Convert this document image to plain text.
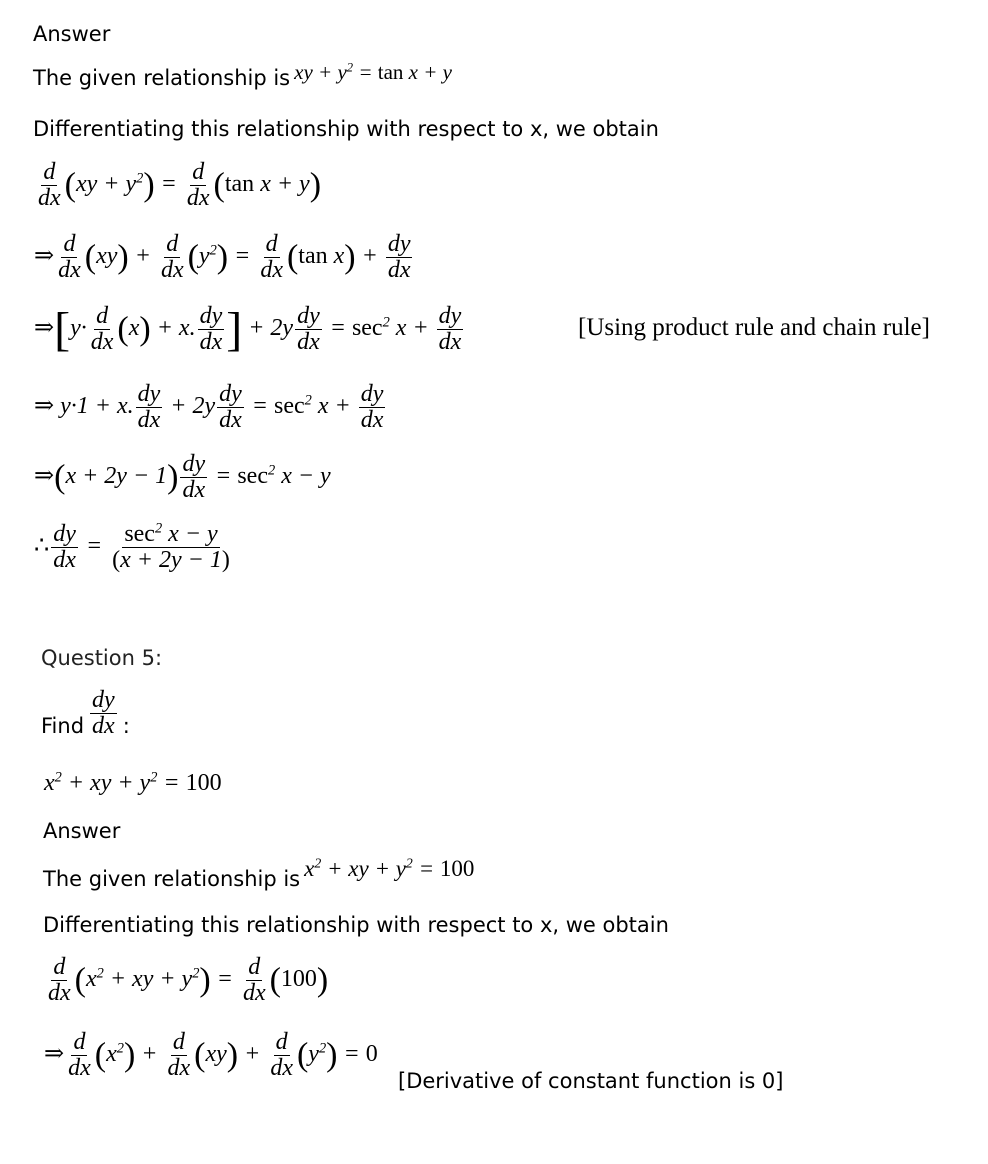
Answer
The given relationship is xy + $y^2 = \tan x + y$
Differentiating this relationship with respect to x, we obtain
$\frac{d}{dx} (xy + y^2) = \frac{d}{dx} (\tan$ x + y)
⇒ $\frac{d}{dx} (xy) + \frac{d}{dx} (y^2) = \frac{d}{dx} (\tan$ $x) + \frac{dy}{dx}$
⇒[y· $\frac{d}{dx} (x) + x$. $\frac{dy}{dx}$ ] + $2y \frac{dy}{dx} = \sec^2 x + \frac{dy}{dx}$	[Using product rule and chain rule]
⇒ y·1 + x. $\frac{dy}{dx} + 2y \frac{dy}{dx} = \sec^2 x + \frac{dy}{dx}$
⇒(x + $2y - 1) \frac{dy}{dx} = \sec^2 x - y$
∴ $\frac{dy}{dx} = \frac{\sec^2 x - y}{(x + 2y - 1)}$
Question 5:
Find $\frac{dy}{dx}$ :
$x^2$ + xy + $y^2 = 100$
Answer
The given relationship is $x^2$ + xy + $y^2 = 100$
Differentiating this relationship with respect to x, we obtain
$\frac{d}{dx} (x^2$ + xy + $y^2) = \frac{d}{dx} (100)$
⇒ $\frac{d}{dx} (x^2) + \frac{d}{dx} (xy) + \frac{d}{dx} (y^2) = 0$
[Derivative of constant function is 0]
